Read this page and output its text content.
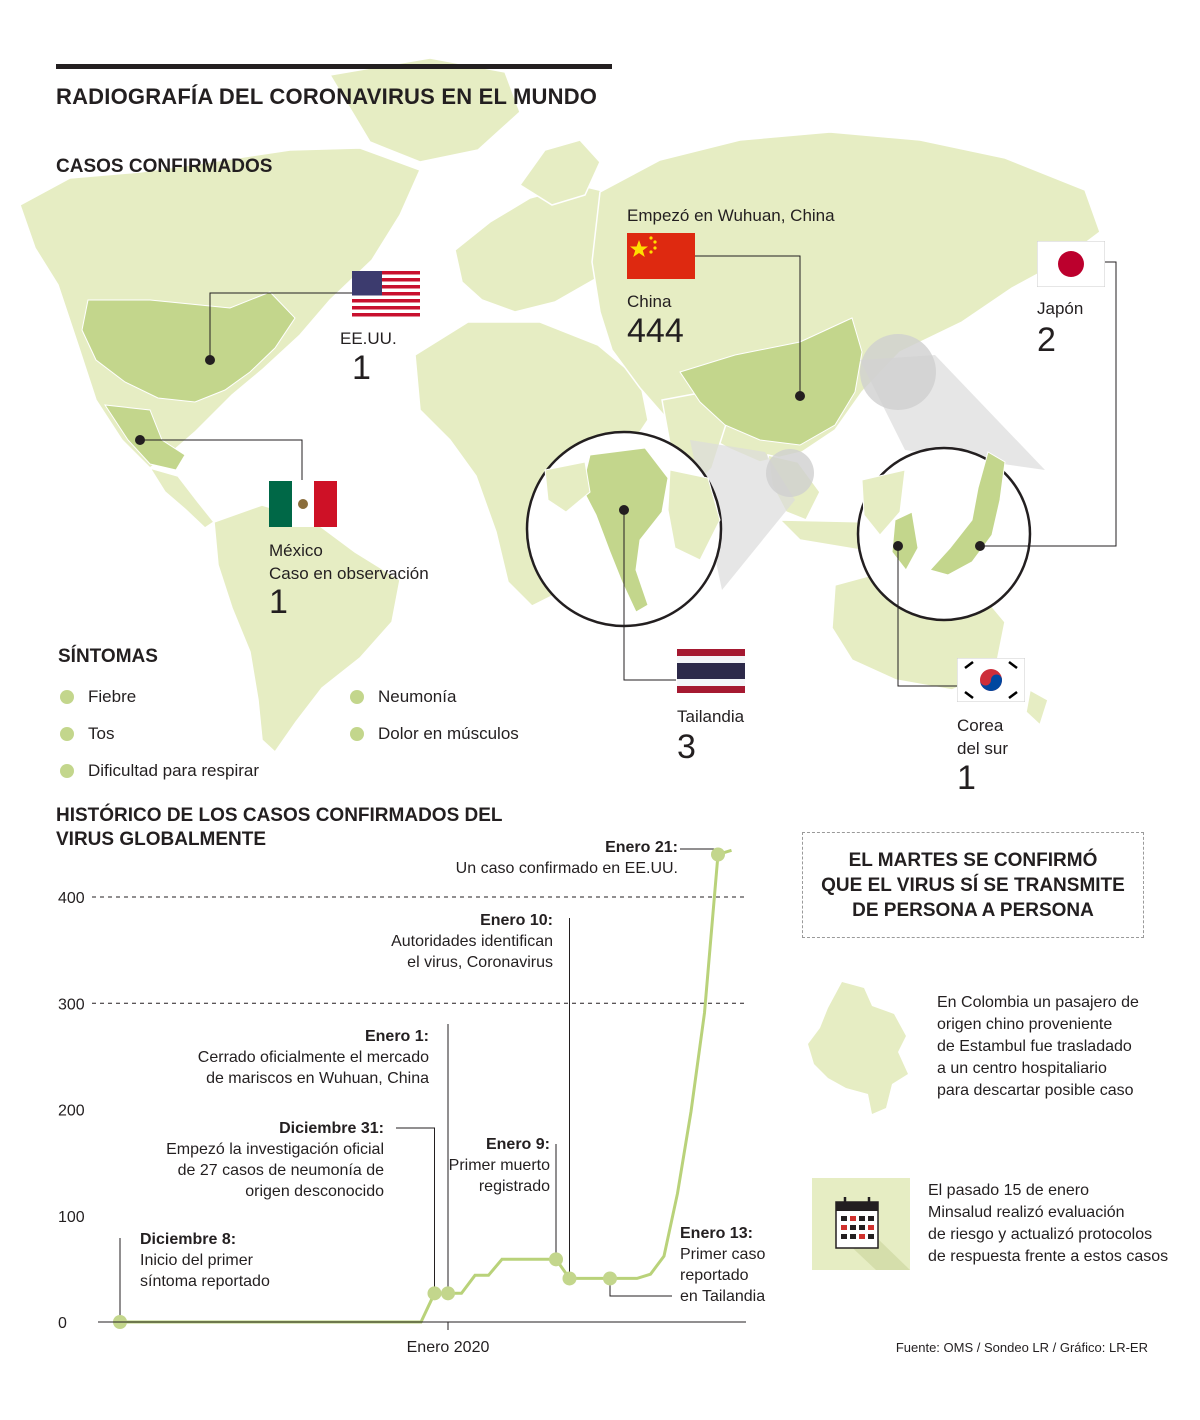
RADIOGRAFÍA DEL CORONAVIRUS EN EL MUNDO
CASOS CONFIRMADOS
EE.UU.
1
México
Caso en observación
1
Empezó en Wuhuan, China
China
444
Japón
2
Tailandia
3
Corea
del sur
1
SÍNTOMAS
Fiebre
Tos
Dificultad para respirar
Neumonía
Dolor en músculos
HISTÓRICO DE LOS CASOS CONFIRMADOS DEL VIRUS GLOBALMENTE
0
100
200
300
400
Enero 2020
Diciembre 8:
Inicio del primer
síntoma reportado
Diciembre 31:
Empezó la investigación oficial
de 27 casos de neumonía de
origen desconocido
Enero 1:
Cerrado oficialmente el mercado
de mariscos en Wuhuan, China
Enero 9:
Primer muerto
registrado
Enero 10:
Autoridades identifican
el virus, Coronavirus
Enero 13:
Primer caso
reportado
en Tailandia
Enero 21:
Un caso confirmado en EE.UU.	EL MARTES SE CONFIRMÓ
QUE EL VIRUS SÍ SE TRANSMITE
DE PERSONA A PERSONA
En Colombia un pasajero de
origen chino proveniente
de Estambul fue trasladado
a un centro hospitaliario
para descartar posible caso
El pasado 15 de enero
Minsalud realizó evaluación
de riesgo y actualizó protocolos
de respuesta frente a estos casos
Fuente: OMS / Sondeo LR / Gráfico: LR-ER
